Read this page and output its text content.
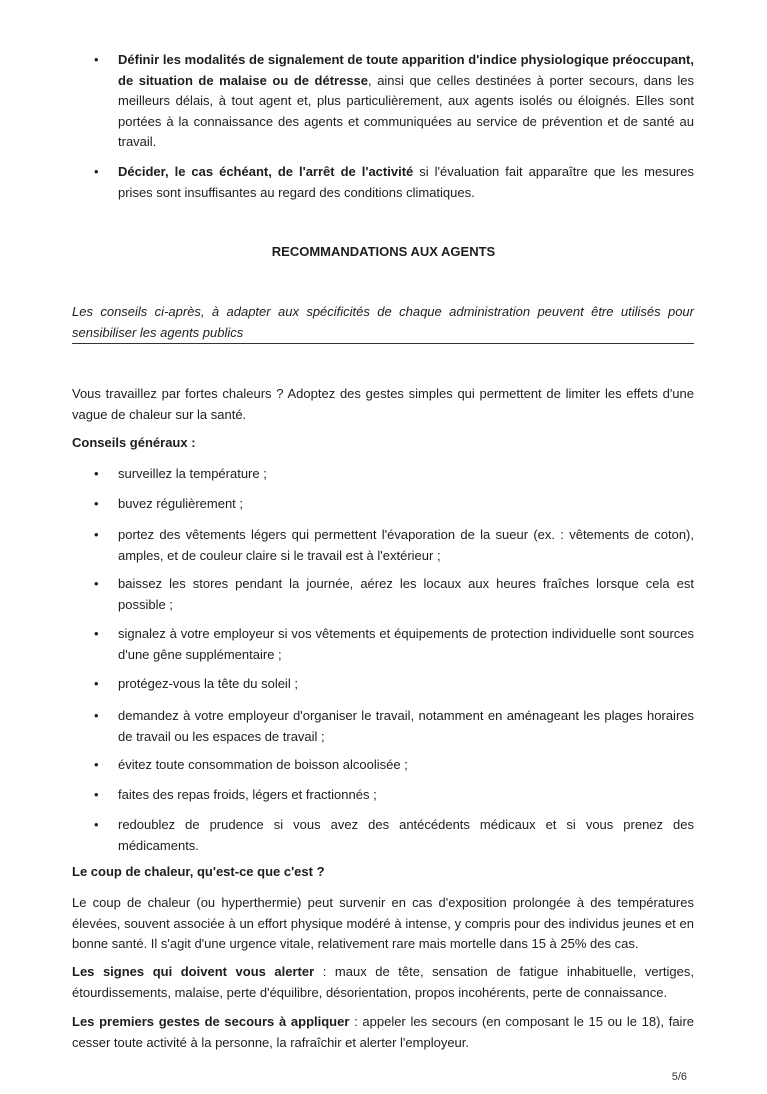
• Définir les modalités de signalement de toute apparition d'indice physiologique préoccupant, de situation de malaise ou de détresse, ainsi que celles destinées à porter secours, dans les meilleurs délais, à tout agent et, plus particulièrement, aux agents isolés ou éloignés. Elles sont portées à la connaissance des agents et communiquées au service de prévention et de santé au travail.
• Décider, le cas échéant, de l'arrêt de l'activité si l'évaluation fait apparaître que les mesures prises sont insuffisantes au regard des conditions climatiques.
RECOMMANDATIONS AUX AGENTS
Les conseils ci-après, à adapter aux spécificités de chaque administration peuvent être utilisés pour sensibiliser les agents publics
Vous travaillez par fortes chaleurs ? Adoptez des gestes simples qui permettent de limiter les effets d'une vague de chaleur sur la santé.
Conseils généraux :
• surveillez la température ;
• buvez régulièrement ;
• portez des vêtements légers qui permettent l'évaporation de la sueur (ex. : vêtements de coton), amples, et de couleur claire si le travail est à l'extérieur ;
• baissez les stores pendant la journée, aérez les locaux aux heures fraîches lorsque cela est possible ;
• signalez à votre employeur si vos vêtements et équipements de protection individuelle sont sources d'une gêne supplémentaire ;
• protégez-vous la tête du soleil ;
• demandez à votre employeur d'organiser le travail, notamment en aménageant les plages horaires de travail ou les espaces de travail ;
• évitez toute consommation de boisson alcoolisée ;
• faites des repas froids, légers et fractionnés ;
• redoublez de prudence si vous avez des antécédents médicaux et si vous prenez des médicaments.
Le coup de chaleur, qu'est-ce que c'est ?
Le coup de chaleur (ou hyperthermie) peut survenir en cas d'exposition prolongée à des températures élevées, souvent associée à un effort physique modéré à intense, y compris pour des individus jeunes et en bonne santé. Il s'agit d'une urgence vitale, relativement rare mais mortelle dans 15 à 25% des cas.
Les signes qui doivent vous alerter : maux de tête, sensation de fatigue inhabituelle, vertiges, étourdissements, malaise, perte d'équilibre, désorientation, propos incohérents, perte de connaissance.
Les premiers gestes de secours à appliquer : appeler les secours (en composant le 15 ou le 18), faire cesser toute activité à la personne, la rafraîchir et alerter l'employeur.
5/6
